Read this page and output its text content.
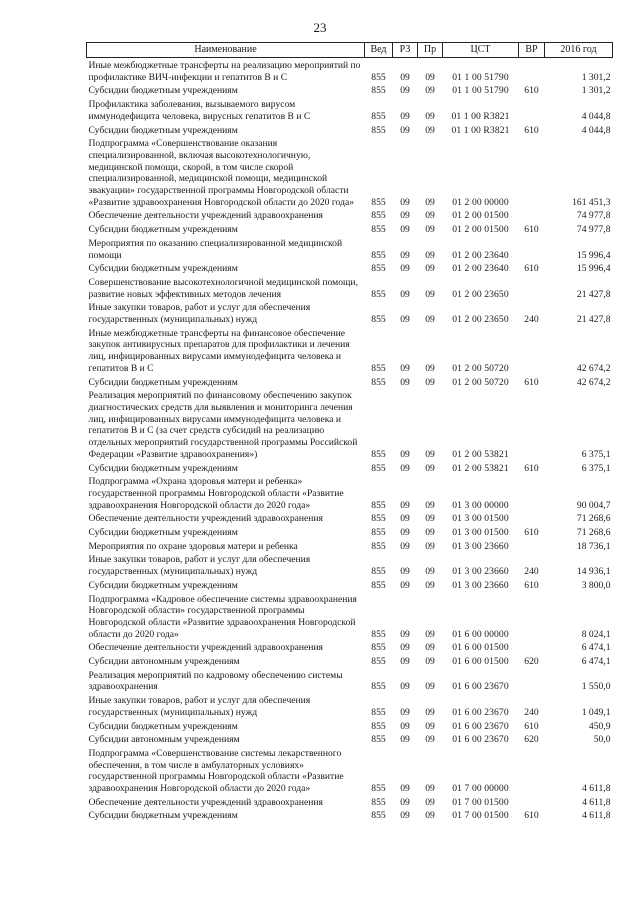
23
Наименование	Вед	РЗ	Пр	ЦСТ	ВР	2016 год
Иные межбюджетные трансферты на реализацию мероприятий по профилактике ВИЧ-инфекции и гепатитов В и С	855	09	09	01 1 00 51790		1 301,2
Субсидии бюджетным учреждениям	855	09	09	01 1 00 51790	610	1 301,2
Профилактика заболевания, вызываемого вирусом иммунодефицита человека, вирусных гепатитов В и С	855	09	09	01 1 00 R3821		4 044,8
Субсидии бюджетным учреждениям	855	09	09	01 1 00 R3821	610	4 044,8
Подпрограмма «Совершенствование оказания специализированной, включая высокотехнологичную, медицинской помощи, скорой, в том числе скорой специализированной, медицинской помощи, медицинской эвакуации» государственной программы Новгородской области «Развитие здравоохранения Новгородской области до 2020 года»	855	09	09	01 2 00 00000		161 451,3
Обеспечение деятельности учреждений здравоохранения	855	09	09	01 2 00 01500		74 977,8
Субсидии бюджетным учреждениям	855	09	09	01 2 00 01500	610	74 977,8
Мероприятия по оказанию специализированной медицинской помощи	855	09	09	01 2 00 23640		15 996,4
Субсидии бюджетным учреждениям	855	09	09	01 2 00 23640	610	15 996,4
Совершенствование высокотехнологичной медицинской помощи, развитие новых эффективных методов лечения	855	09	09	01 2 00 23650		21 427,8
Иные закупки товаров, работ и услуг для обеспечения государственных (муниципальных) нужд	855	09	09	01 2 00 23650	240	21 427,8
Иные межбюджетные трансферты на финансовое обеспечение закупок антивирусных препаратов для профилактики и лечения лиц, инфицированных вирусами иммунодефицита человека и гепатитов В и С	855	09	09	01 2 00 50720		42 674,2
Субсидии бюджетным учреждениям	855	09	09	01 2 00 50720	610	42 674,2
Реализация мероприятий по финансовому обеспечению закупок диагностических средств для выявления и мониторинга лечения лиц, инфицированных вирусами иммунодефицита человека и гепатитов В и С (за счет средств субсидий на реализацию отдельных мероприятий государственной программы Российской Федерации «Развитие здравоохранения»)	855	09	09	01 2 00 53821		6 375,1
Субсидии бюджетным учреждениям	855	09	09	01 2 00 53821	610	6 375,1
Подпрограмма «Охрана здоровья матери и ребенка» государственной программы Новгородской области «Развитие здравоохранения Новгородской области до 2020 года»	855	09	09	01 3 00 00000		90 004,7
Обеспечение деятельности учреждений здравоохранения	855	09	09	01 3 00 01500		71 268,6
Субсидии бюджетным учреждениям	855	09	09	01 3 00 01500	610	71 268,6
Мероприятия по охране здоровья матери и ребенка	855	09	09	01 3 00 23660		18 736,1
Иные закупки товаров, работ и услуг для обеспечения государственных (муниципальных) нужд	855	09	09	01 3 00 23660	240	14 936,1
Субсидии бюджетным учреждениям	855	09	09	01 3 00 23660	610	3 800,0
Подпрограмма «Кадровое обеспечение системы здравоохранения Новгородской области» государственной программы Новгородской области «Развитие здравоохранения Новгородской области до 2020 года»	855	09	09	01 6 00 00000		8 024,1
Обеспечение деятельности учреждений здравоохранения	855	09	09	01 6 00 01500		6 474,1
Субсидии автономным учреждениям	855	09	09	01 6 00 01500	620	6 474,1
Реализация мероприятий по кадровому обеспечению системы здравоохранения	855	09	09	01 6 00 23670		1 550,0
Иные закупки товаров, работ и услуг для обеспечения государственных (муниципальных) нужд	855	09	09	01 6 00 23670	240	1 049,1
Субсидии бюджетным учреждениям	855	09	09	01 6 00 23670	610	450,9
Субсидии автономным учреждениям	855	09	09	01 6 00 23670	620	50,0
Подпрограмма «Совершенствование системы лекарственного обеспечения, в том числе в амбулаторных условиях» государственной программы Новгородской области «Развитие здравоохранения Новгородской области до 2020 года»	855	09	09	01 7 00 00000		4 611,8
Обеспечение деятельности учреждений здравоохранения	855	09	09	01 7 00 01500		4 611,8
Субсидии бюджетным учреждениям	855	09	09	01 7 00 01500	610	4 611,8
